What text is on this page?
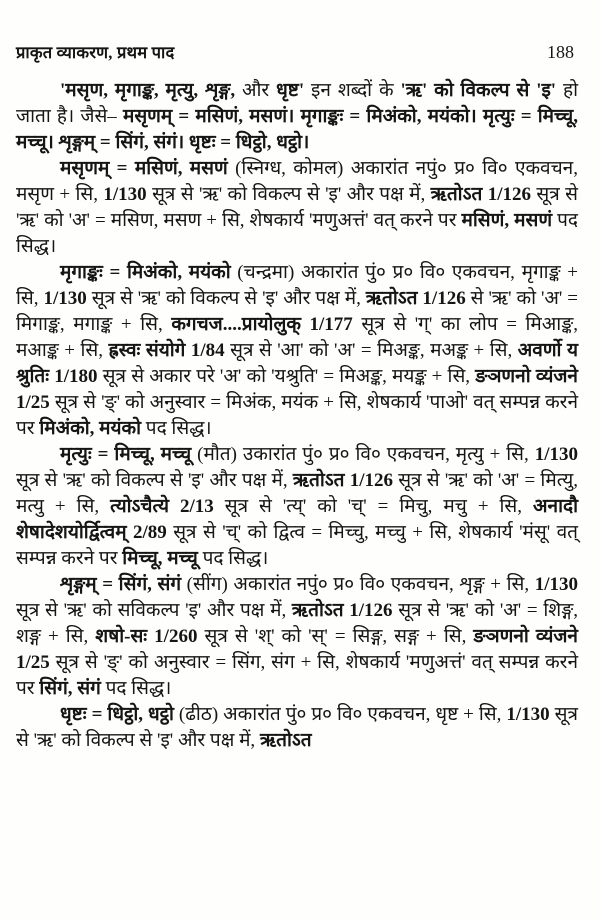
प्राकृत व्याकरण, प्रथम पाद	188

'मसृण, मृगाङ्क, मृत्यु, शृङ्ग, और धृष्ट' इन शब्दों के 'ऋ' को विकल्प से 'इ' हो जाता है। जैसे– मसृणम् = मसिणं, मसणं। मृगाङ्कः = मिअंको, मयंको। मृत्युः = मिच्चू, मच्चू। शृङ्गम् = सिंगं, संगं। धृष्टः = धिट्ठो, धट्ठो।

मसृणम् = मसिणं, मसणं (स्निग्ध, कोमल) अकारांत नपुं० प्र० वि० एकवचन, मसृण + सि, 1/130 सूत्र से 'ऋ' को विकल्प से 'इ' और पक्ष में, ऋतोऽत 1/126 सूत्र से 'ऋ' को 'अ' = मसिण, मसण + सि, शेषकार्य 'मणुअत्तं' वत् करने पर मसिणं, मसणं पद सिद्ध।

मृगाङ्कः = मिअंको, मयंको (चन्द्रमा) अकारांत पुं० प्र० वि० एकवचन, मृगाङ्क + सि, 1/130 सूत्र से 'ऋ' को विकल्प से 'इ' और पक्ष में, ऋतोऽत 1/126 से 'ऋ' को 'अ' = मिगाङ्क, मगाङ्क + सि, कगचज....प्रायोलुक् 1/177 सूत्र से 'ग्' का लोप = मिआङ्क, मआङ्क + सि, ह्रस्वः संयोगे 1/84 सूत्र से 'आ' को 'अ' = मिअङ्क, मअङ्क + सि, अवर्णो य श्रुतिः 1/180 सूत्र से अकार परे 'अ' को 'यश्रुति' = मिअङ्क, मयङ्क + सि, ङञणनो व्यंजने 1/25 सूत्र से 'ङ्' को अनुस्वार = मिअंक, मयंक + सि, शेषकार्य 'पाओ' वत् सम्पन्न करने पर मिअंको, मयंको पद सिद्ध।

मृत्युः = मिच्चू, मच्चू (मौत) उकारांत पुं० प्र० वि० एकवचन, मृत्यु + सि, 1/130 सूत्र से 'ऋ' को विकल्प से 'इ' और पक्ष में, ऋतोऽत 1/126 सूत्र से 'ऋ' को 'अ' = मित्यु, मत्यु + सि, त्योऽचैत्ये 2/13 सूत्र से 'त्य्' को 'च्' = मिचु, मचु + सि, अनादौ शेषादेशयोर्द्वित्वम् 2/89 सूत्र से 'च्' को द्वित्व = मिच्चु, मच्चु + सि, शेषकार्य 'मंसू' वत् सम्पन्न करने पर मिच्चू, मच्चू पद सिद्ध।

शृङ्गम् = सिंगं, संगं (सींग) अकारांत नपुं० प्र० वि० एकवचन, शृङ्ग + सि, 1/130 सूत्र से 'ऋ' को सविकल्प 'इ' और पक्ष में, ऋतोऽत 1/126 सूत्र से 'ऋ' को 'अ' = शिङ्ग, शङ्ग + सि, शषो-सः 1/260 सूत्र से 'श्' को 'स्' = सिङ्ग, सङ्ग + सि, ङञणनो व्यंजने 1/25 सूत्र से 'ङ्' को अनुस्वार = सिंग, संग + सि, शेषकार्य 'मणुअत्तं' वत् सम्पन्न करने पर सिंगं, संगं पद सिद्ध।

धृष्टः = धिट्ठो, धट्ठो (ढीठ) अकारांत पुं० प्र० वि० एकवचन, धृष्ट + सि, 1/130 सूत्र से 'ऋ' को विकल्प से 'इ' और पक्ष में, ऋतोऽत
